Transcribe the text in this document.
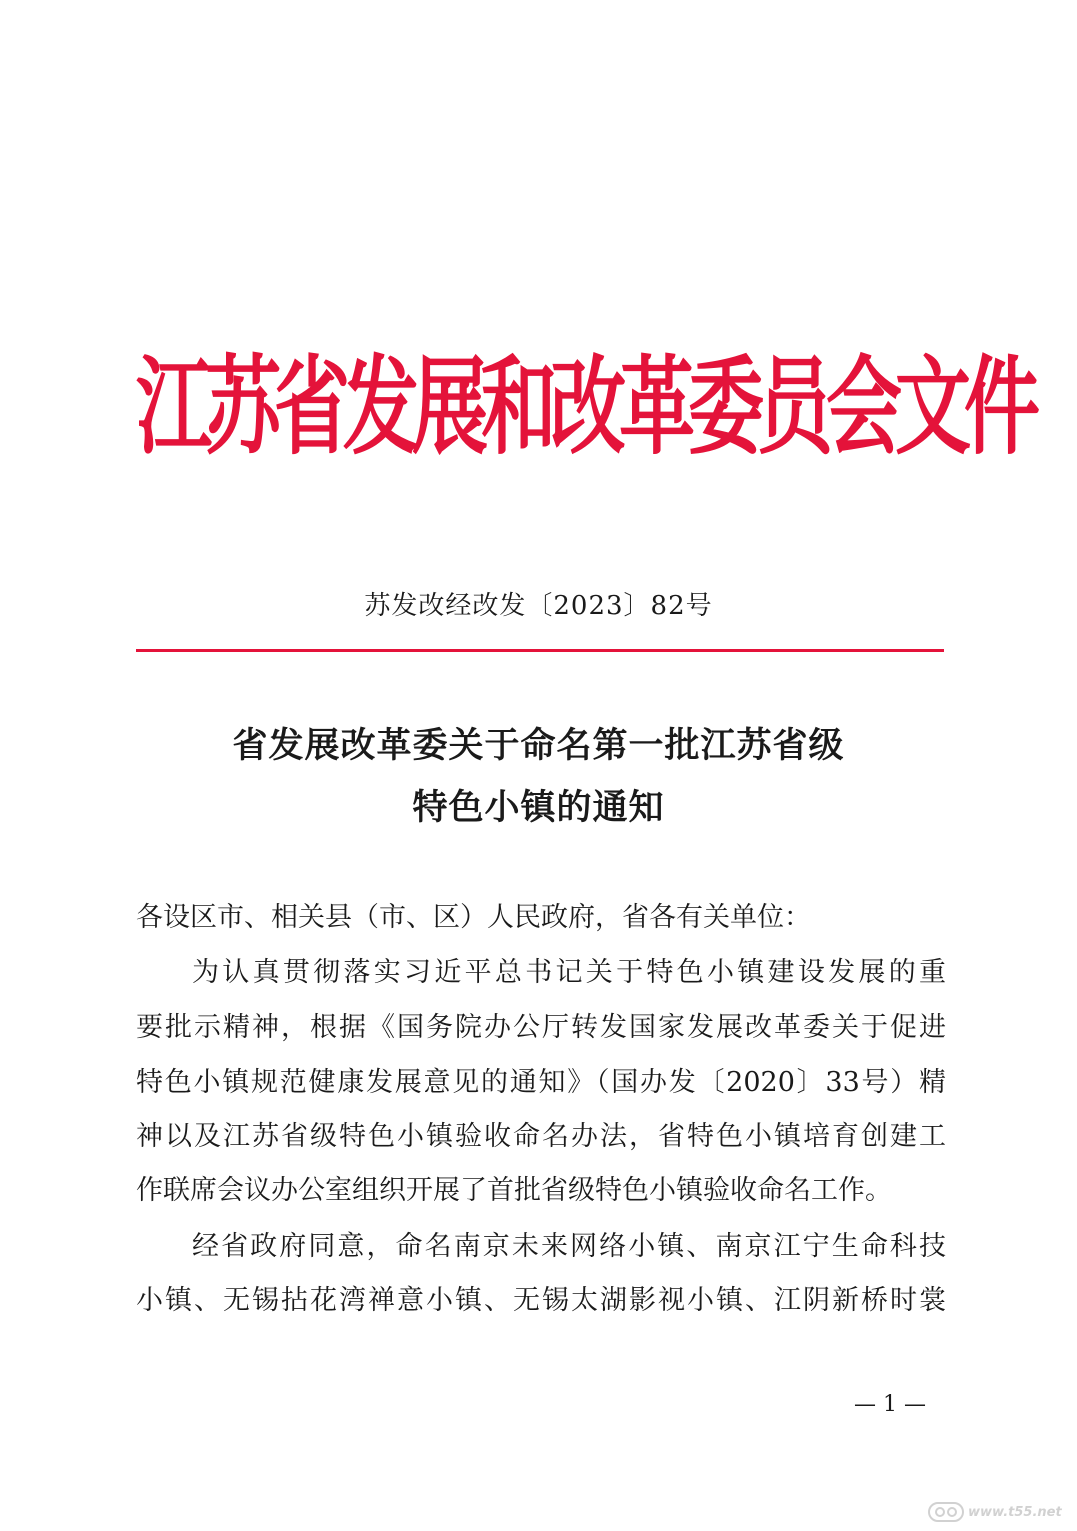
江苏省发展和改革委员会文件
苏发改经改发〔2023〕82号
省发展改革委关于命名第一批江苏省级
特色小镇的通知
各设区市、相关县（市、区）人民政府，省各有关单位：
为认真贯彻落实习近平总书记关于特色小镇建设发展的重
要批示精神，根据《国务院办公厅转发国家发展改革委关于促进
特色小镇规范健康发展意见的通知》（国办发〔2020〕33号）精
神以及江苏省级特色小镇验收命名办法，省特色小镇培育创建工
作联席会议办公室组织开展了首批省级特色小镇验收命名工作。
经省政府同意，命名南京未来网络小镇、南京江宁生命科技
小镇、无锡拈花湾禅意小镇、无锡太湖影视小镇、江阴新桥时裳
— 1 —
www.t55.net
